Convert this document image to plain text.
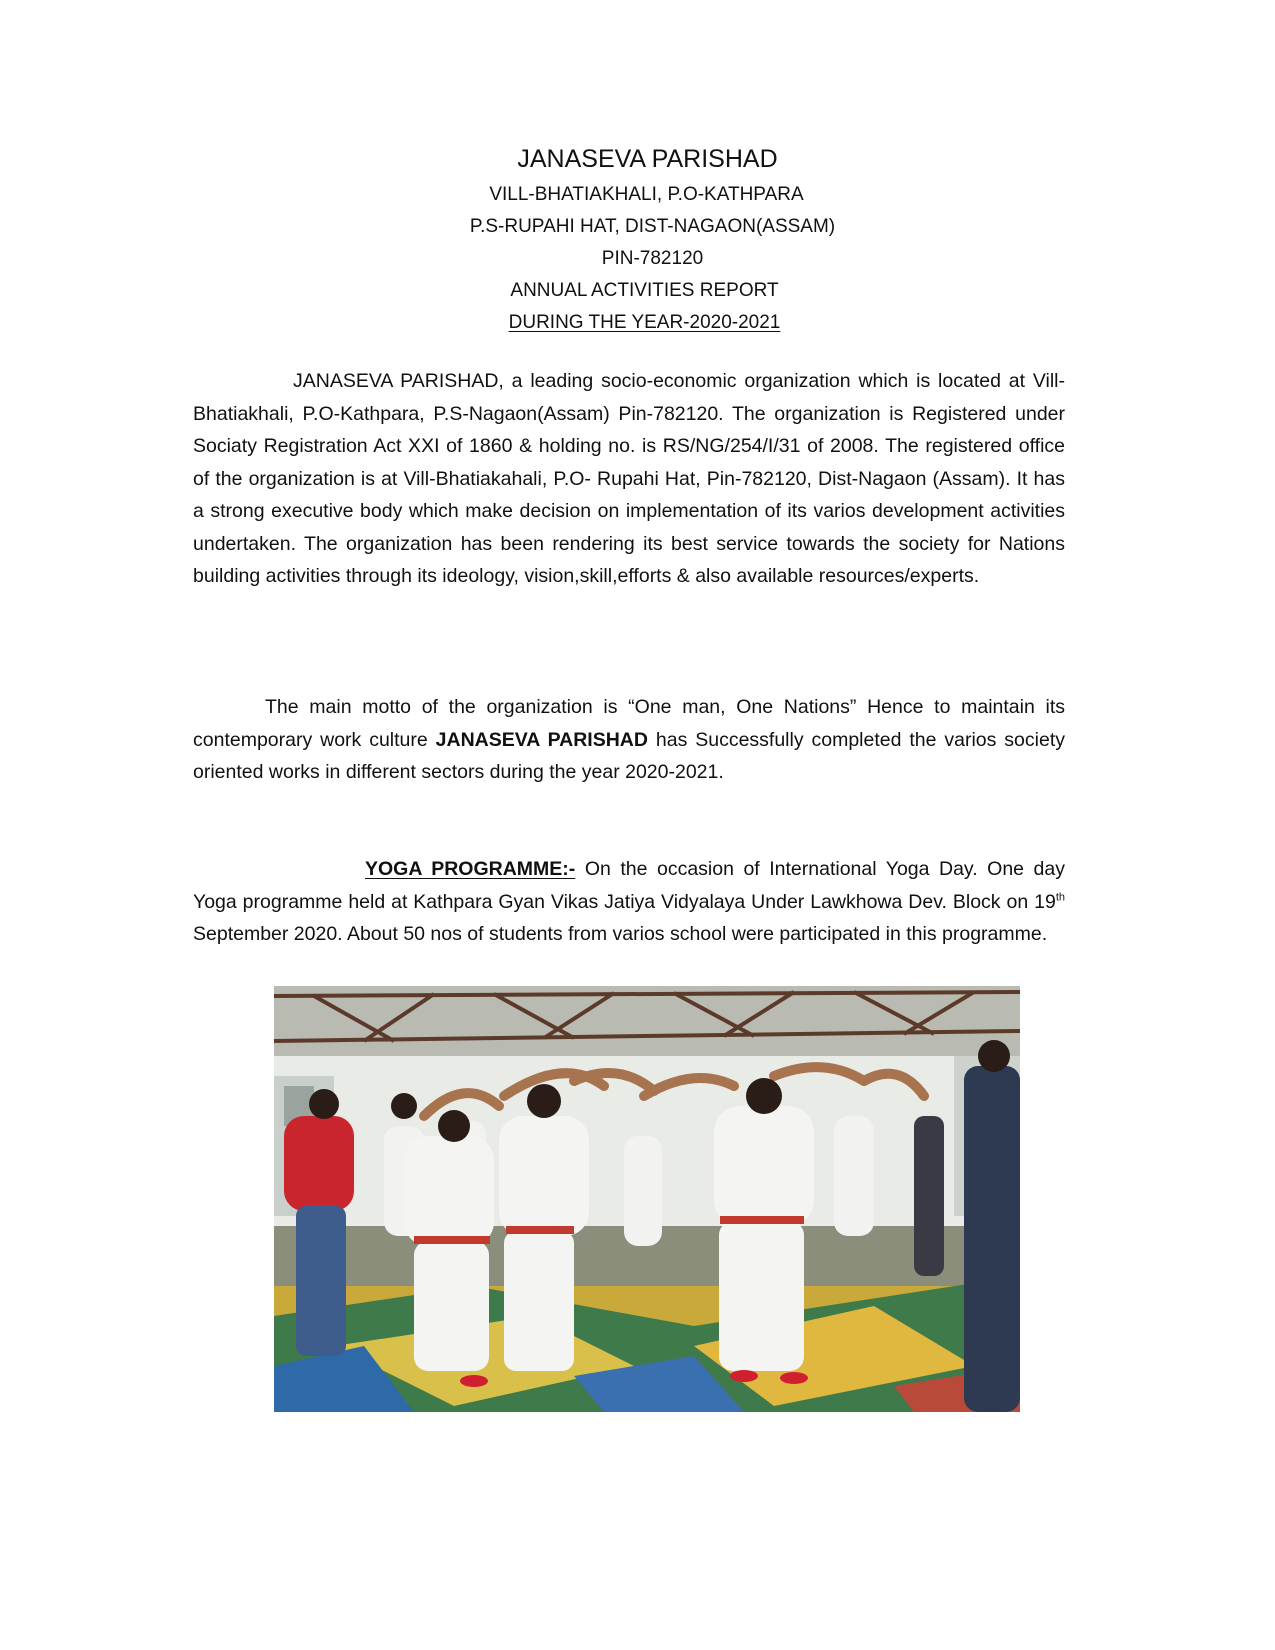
JANASEVA PARISHAD
VILL-BHATIAKHALI, P.O-KATHPARA
P.S-RUPAHI HAT, DIST-NAGAON(ASSAM)
PIN-782120
ANNUAL ACTIVITIES REPORT
DURING THE YEAR-2020-2021
JANASEVA PARISHAD, a leading socio-economic organization which is located at Vill-Bhatiakhali, P.O-Kathpara, P.S-Nagaon(Assam) Pin-782120. The organization is Registered under Sociaty Registration Act XXI of 1860 & holding no. is RS/NG/254/I/31 of 2008. The registered office of the organization is at Vill-Bhatiakahali, P.O- Rupahi Hat, Pin-782120, Dist-Nagaon (Assam). It has a strong executive body which make decision on implementation of its varios development activities undertaken. The organization has been rendering its best service towards the society for Nations building activities through its ideology, vision,skill,efforts & also available resources/experts.
The main motto of the organization is “One man, One Nations” Hence to maintain its contemporary work culture JANASEVA PARISHAD has Successfully completed the varios society oriented works in different sectors during the year 2020-2021.
YOGA PROGRAMME:- On the occasion of International Yoga Day. One day Yoga programme held at Kathpara Gyan Vikas Jatiya Vidyalaya Under Lawkhowa Dev. Block on 19th September 2020. About 50 nos of students from varios school were participated in this programme.
